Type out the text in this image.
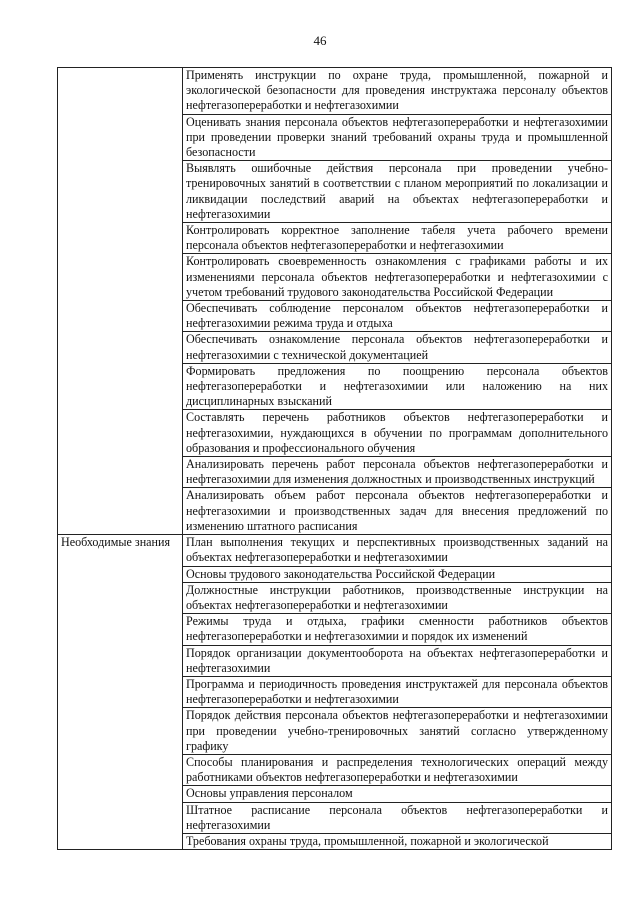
46
	Применять инструкции по охране труда, промышленной, пожарной и экологической безопасности для проведения инструктажа персоналу объектов нефтегазопереработки и нефтегазохимии
	Оценивать знания персонала объектов нефтегазопереработки и нефтегазохимии при проведении проверки знаний требований охраны труда и промышленной безопасности
	Выявлять ошибочные действия персонала при проведении учебно-тренировочных занятий в соответствии с планом мероприятий по локализации и ликвидации последствий аварий на объектах нефтегазопереработки и нефтегазохимии
	Контролировать корректное заполнение табеля учета рабочего времени персонала объектов нефтегазопереработки и нефтегазохимии
	Контролировать своевременность ознакомления с графиками работы и их изменениями персонала объектов нефтегазопереработки и нефтегазохимии с учетом требований трудового законодательства Российской Федерации
	Обеспечивать соблюдение персоналом объектов нефтегазопереработки и нефтегазохимии режима труда и отдыха
	Обеспечивать ознакомление персонала объектов нефтегазопереработки и нефтегазохимии с технической документацией
	Формировать предложения по поощрению персонала объектов нефтегазопереработки и нефтегазохимии или наложению на них дисциплинарных взысканий
	Составлять перечень работников объектов нефтегазопереработки и нефтегазохимии, нуждающихся в обучении по программам дополнительного образования и профессионального обучения
	Анализировать перечень работ персонала объектов нефтегазопереработки и нефтегазохимии для изменения должностных и производственных инструкций
	Анализировать объем работ персонала объектов нефтегазопереработки и нефтегазохимии и производственных задач для внесения предложений по изменению штатного расписания
Необходимые знания	План выполнения текущих и перспективных производственных заданий на объектах нефтегазопереработки и нефтегазохимии
	Основы трудового законодательства Российской Федерации
	Должностные инструкции работников, производственные инструкции на объектах нефтегазопереработки и нефтегазохимии
	Режимы труда и отдыха, графики сменности работников объектов нефтегазопереработки и нефтегазохимии и порядок их изменений
	Порядок организации документооборота на объектах нефтегазопереработки и нефтегазохимии
	Программа и периодичность проведения инструктажей для персонала объектов нефтегазопереработки и нефтегазохимии
	Порядок действия персонала объектов нефтегазопереработки и нефтегазохимии при проведении учебно-тренировочных занятий согласно утвержденному графику
	Способы планирования и распределения технологических операций между работниками объектов нефтегазопереработки и нефтегазохимии
	Основы управления персоналом
	Штатное расписание персонала объектов нефтегазопереработки и нефтегазохимии
	Требования охраны труда, промышленной, пожарной и экологической
